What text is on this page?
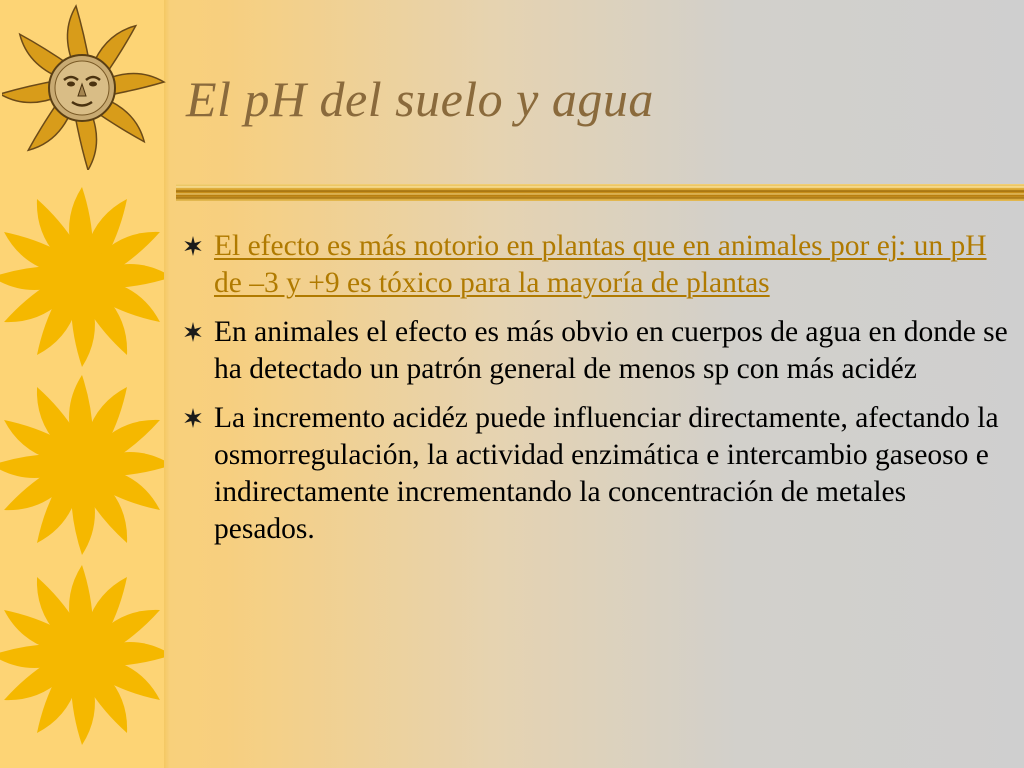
El pH del suelo y agua
El efecto es más notorio en plantas que en animales por ej: un pH de –3 y +9 es tóxico para la mayoría de plantas
En animales el efecto es más obvio en cuerpos de agua en donde se ha detectado un patrón general de menos sp con más acidéz
La incremento acidéz puede influenciar directamente, afectando la osmorregulación, la actividad enzimática e intercambio gaseoso e indirectamente incrementando la concentración de metales pesados.
